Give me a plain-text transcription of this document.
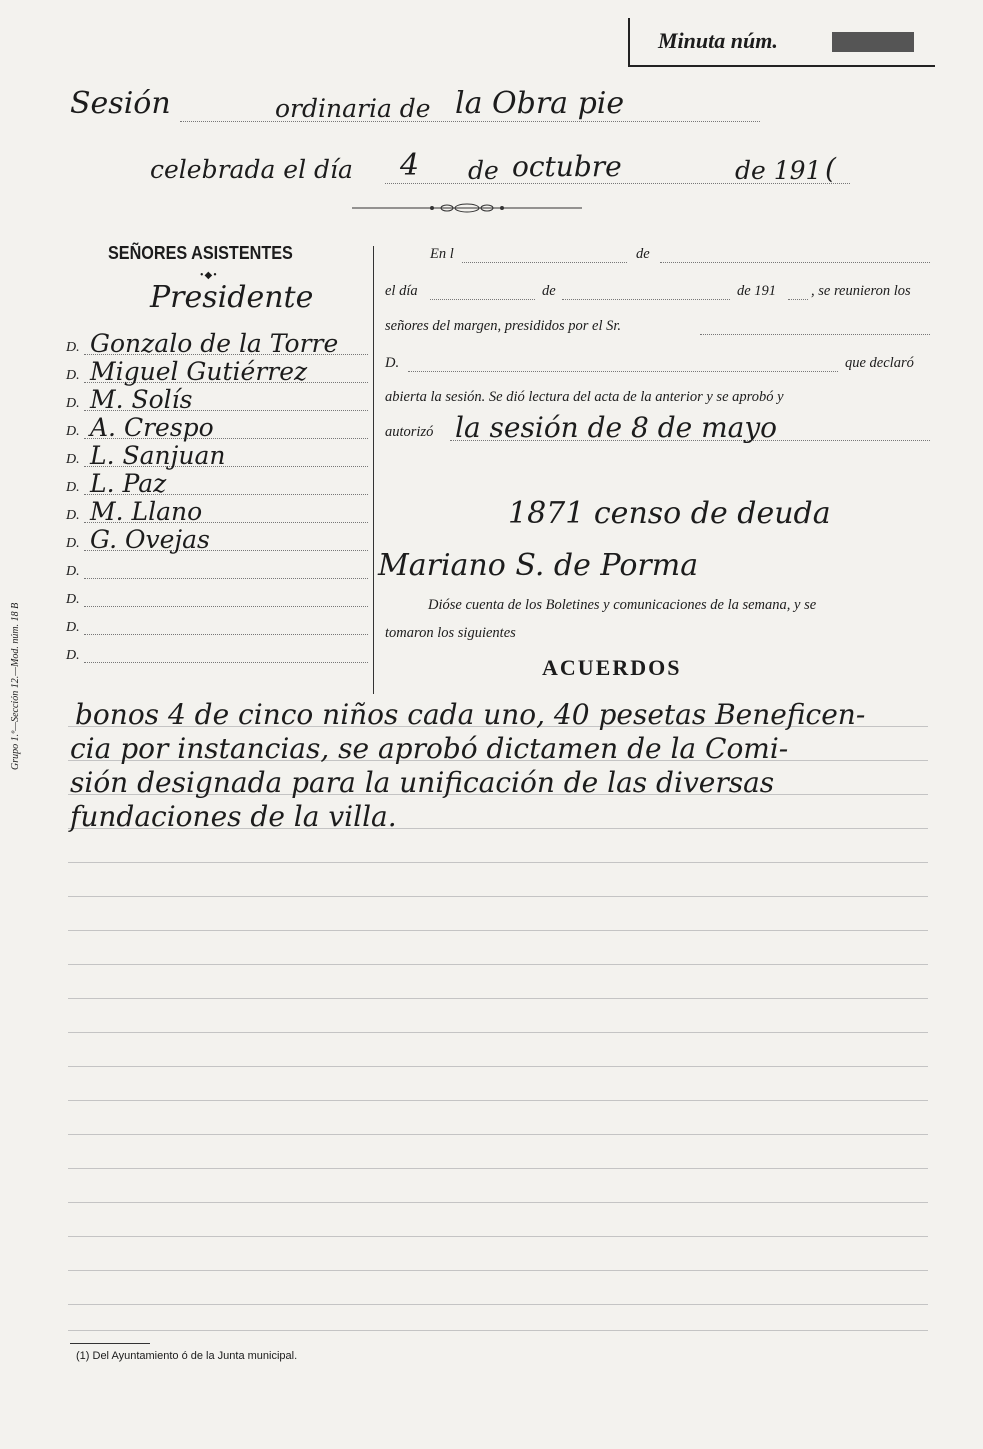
Minuta núm.
Sesión	ordinaria de la Obra pie
celebrada el día 4 de octubre	de 191 (
SEÑORES ASISTENTES
•◆•
Presidente
D. Gonzalo de la Torre
D. Miguel Gutiérrez
D. M. Solís
D. A. Crespo
D. L. Sanjuan
D. L. Paz
D. M. Llano
D. G. Ovejas
D.
D.
D.
D.
En l	de
el día	de	de 191 , se reunieron los
señores del margen, presididos por el Sr.
D.	que declaró
abierta la sesión. Se dió lectura del acta de la anterior y se aprobó y
autorizó la sesión de 8 de mayo
1871 censo de deuda
Mariano S. de Porma
Dióse cuenta de los Boletines y comunicaciones de la semana, y se
tomaron los siguientes
ACUERDOS
bonos 4 de cinco niños cada uno, 40 pesetas Beneficen-
cia por instancias, se aprobó dictamen de la Comi-
sión designada para la unificación de las diversas
fundaciones de la villa.
Grupo 1.º—Sección 12.—Mod. núm. 18 B
(1) Del Ayuntamiento ó de la Junta municipal.
